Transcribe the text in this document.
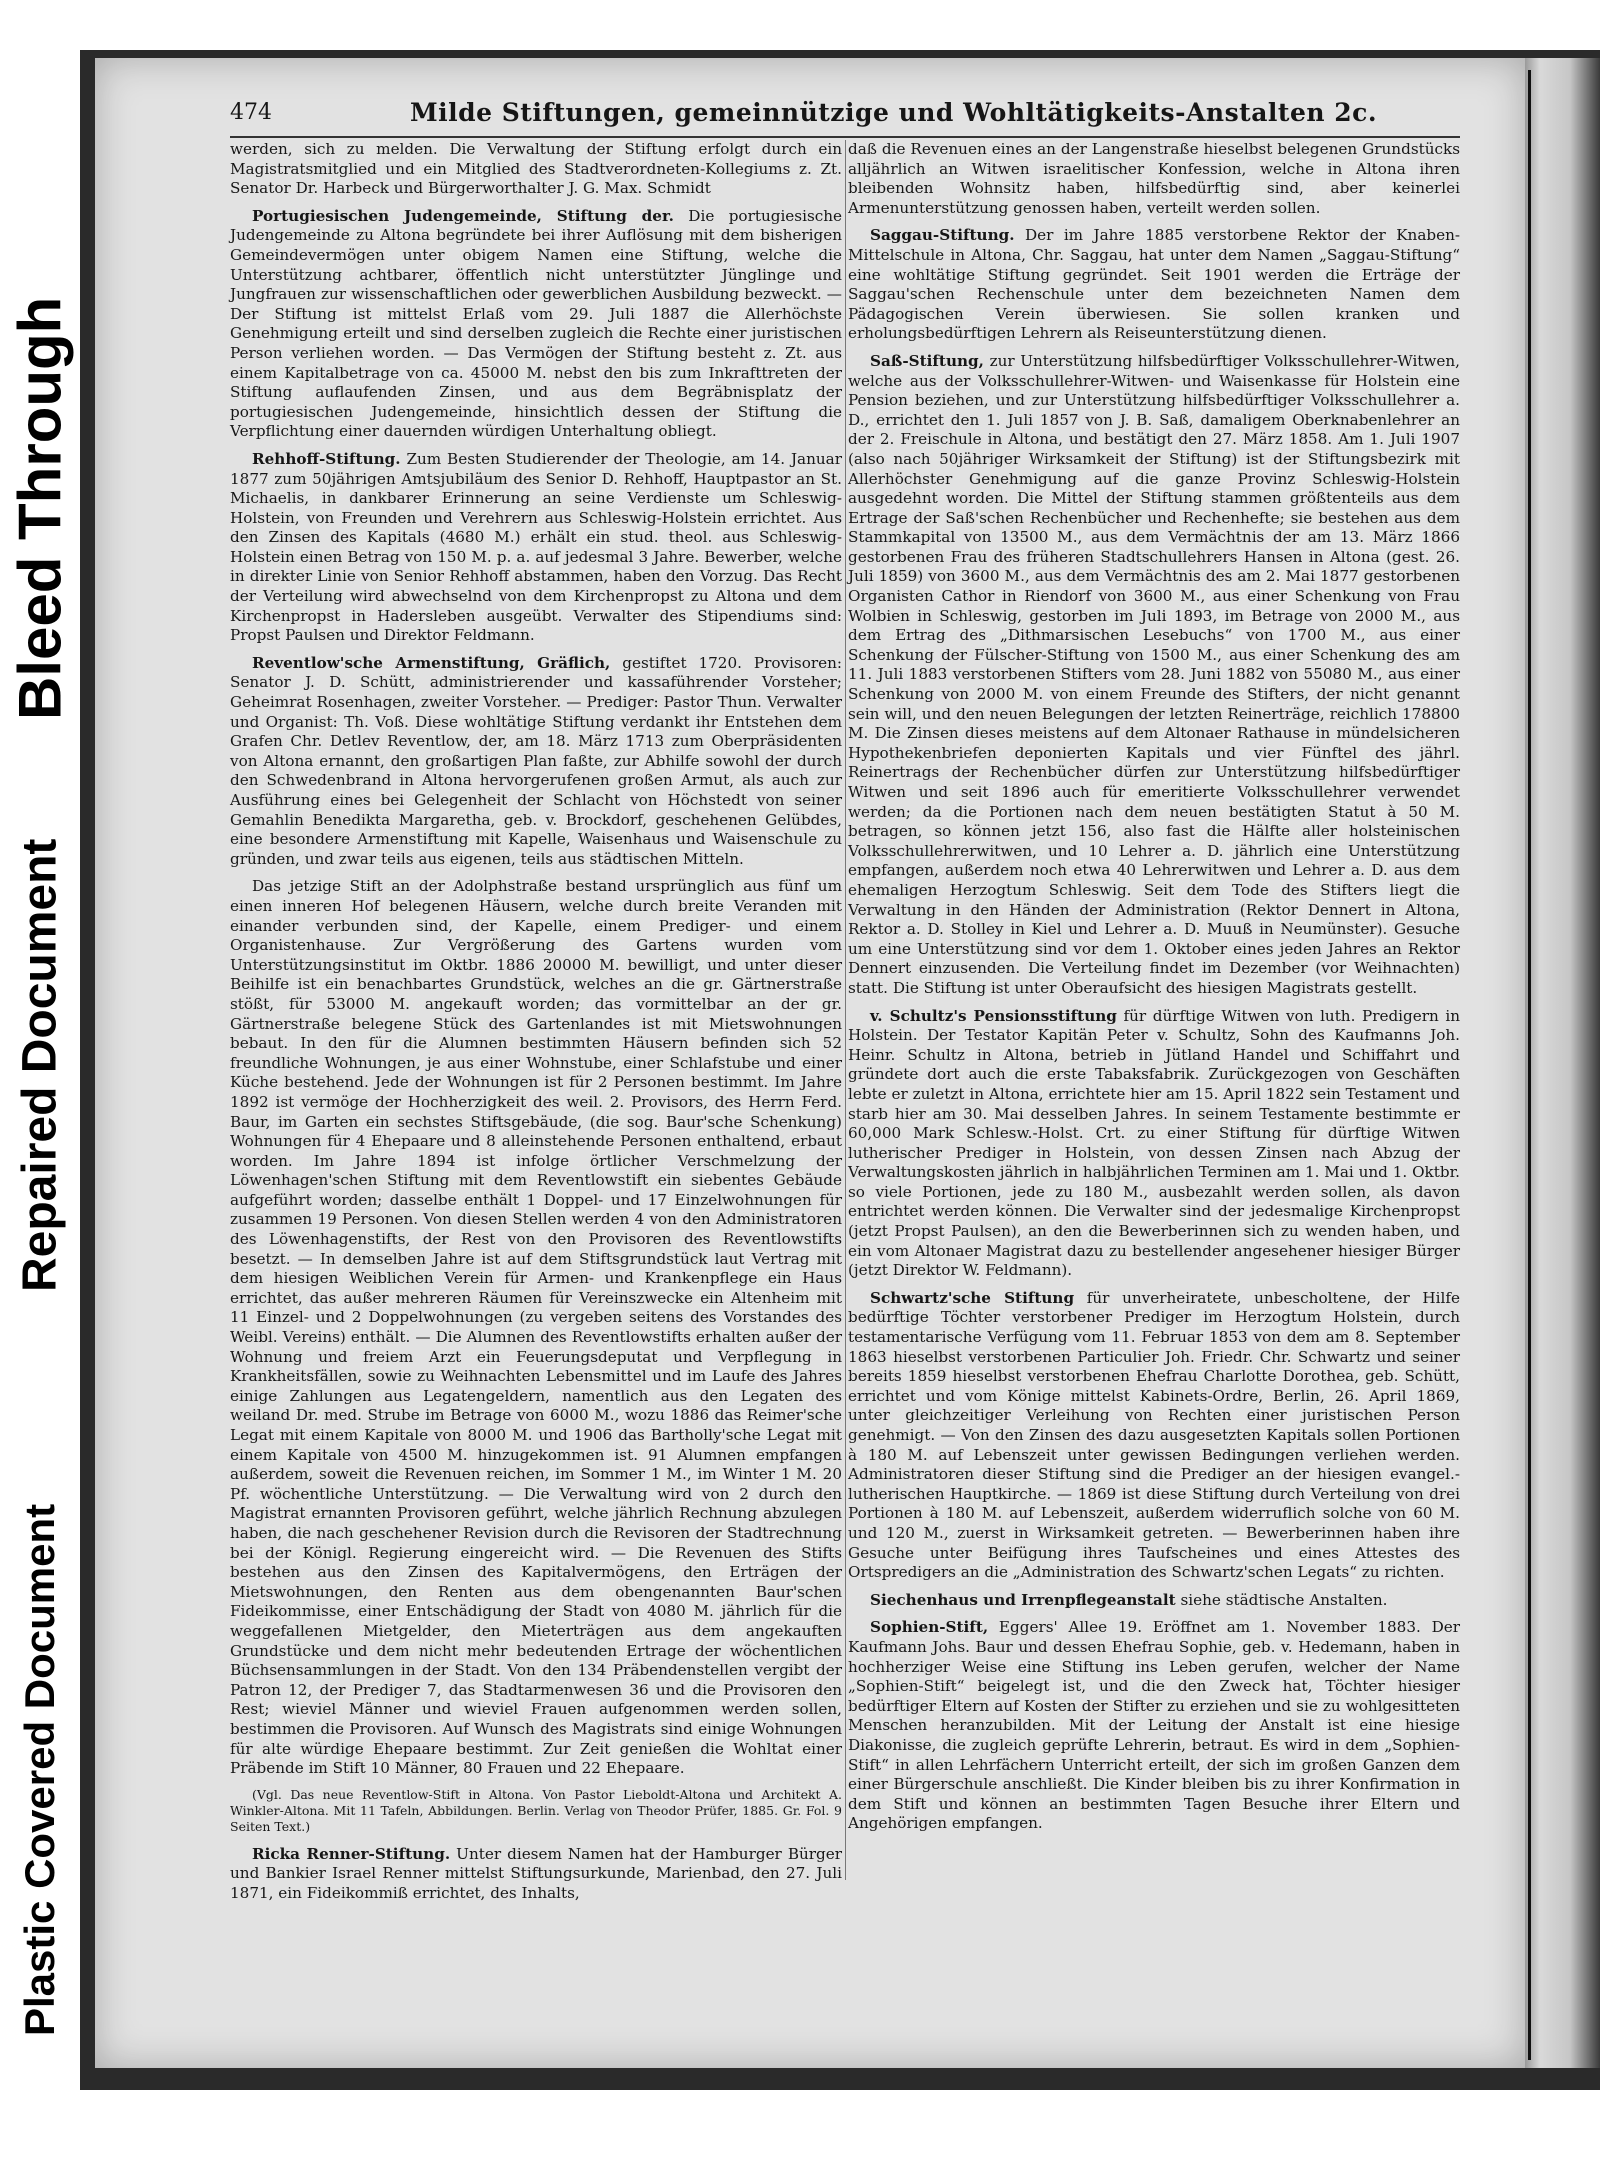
Bleed Through
Repaired Document
Plastic Covered Document
474	Milde Stiftungen, gemeinnützige und Wohltätigkeits-Anstalten 2c.

werden, sich zu melden. Die Verwaltung der Stiftung erfolgt durch ein Magistratsmitglied und ein Mitglied des Stadtverordneten-Kollegiums z. Zt. Senator Dr. Harbeck und Bürgerworthalter J. G. Max. Schmidt

Portugiesischen Judengemeinde, Stiftung der. Die portugiesische Judengemeinde zu Altona begründete bei ihrer Auflösung mit dem bisherigen Gemeindevermögen unter obigem Namen eine Stiftung, welche die Unterstützung achtbarer, öffentlich nicht unterstützter Jünglinge und Jungfrauen zur wissenschaftlichen oder gewerblichen Ausbildung bezweckt. — Der Stiftung ist mittelst Erlaß vom 29. Juli 1887 die Allerhöchste Genehmigung erteilt und sind derselben zugleich die Rechte einer juristischen Person verliehen worden. — Das Vermögen der Stiftung besteht z. Zt. aus einem Kapitalbetrage von ca. 45000 M. nebst den bis zum Inkrafttreten der Stiftung auflaufenden Zinsen, und aus dem Begräbnisplatz der portugiesischen Judengemeinde, hinsichtlich dessen der Stiftung die Verpflichtung einer dauernden würdigen Unterhaltung obliegt.

Rehhoff-Stiftung. Zum Besten Studierender der Theologie, am 14. Januar 1877 zum 50jährigen Amtsjubiläum des Senior D. Rehhoff, Hauptpastor an St. Michaelis, in dankbarer Erinnerung an seine Verdienste um Schleswig-Holstein, von Freunden und Verehrern aus Schleswig-Holstein errichtet. Aus den Zinsen des Kapitals (4680 M.) erhält ein stud. theol. aus Schleswig-Holstein einen Betrag von 150 M. p. a. auf jedesmal 3 Jahre. Bewerber, welche in direkter Linie von Senior Rehhoff abstammen, haben den Vorzug. Das Recht der Verteilung wird abwechselnd von dem Kirchenpropst zu Altona und dem Kirchenpropst in Hadersleben ausgeübt. Verwalter des Stipendiums sind: Propst Paulsen und Direktor Feldmann.

Reventlow'sche Armenstiftung, Gräflich, gestiftet 1720. Provisoren: Senator J. D. Schütt, administrierender und kassaführender Vorsteher; Geheimrat Rosenhagen, zweiter Vorsteher. — Prediger: Pastor Thun. Verwalter und Organist: Th. Voß. Diese wohltätige Stiftung verdankt ihr Entstehen dem Grafen Chr. Detlev Reventlow, der, am 18. März 1713 zum Oberpräsidenten von Altona ernannt, den großartigen Plan faßte, zur Abhilfe sowohl der durch den Schwedenbrand in Altona hervorgerufenen großen Armut, als auch zur Ausführung eines bei Gelegenheit der Schlacht von Höchstedt von seiner Gemahlin Benedikta Margaretha, geb. v. Brockdorf, geschehenen Gelübdes, eine besondere Armenstiftung mit Kapelle, Waisenhaus und Waisenschule zu gründen, und zwar teils aus eigenen, teils aus städtischen Mitteln.

Das jetzige Stift an der Adolphstraße bestand ursprünglich aus fünf um einen inneren Hof belegenen Häusern, welche durch breite Veranden mit einander verbunden sind, der Kapelle, einem Prediger- und einem Organistenhause. Zur Vergrößerung des Gartens wurden vom Unterstützungsinstitut im Oktbr. 1886 20000 M. bewilligt, und unter dieser Beihilfe ist ein benachbartes Grundstück, welches an die gr. Gärtnerstraße stößt, für 53000 M. angekauft worden; das vormittelbar an der gr. Gärtnerstraße belegene Stück des Gartenlandes ist mit Mietswohnungen bebaut. In den für die Alumnen bestimmten Häusern befinden sich 52 freundliche Wohnungen, je aus einer Wohnstube, einer Schlafstube und einer Küche bestehend. Jede der Wohnungen ist für 2 Personen bestimmt. Im Jahre 1892 ist vermöge der Hochherzigkeit des weil. 2. Provisors, des Herrn Ferd. Baur, im Garten ein sechstes Stiftsgebäude, (die sog. Baur'sche Schenkung) Wohnungen für 4 Ehepaare und 8 alleinstehende Personen enthaltend, erbaut worden. Im Jahre 1894 ist infolge örtlicher Verschmelzung der Löwenhagen'schen Stiftung mit dem Reventlowstift ein siebentes Gebäude aufgeführt worden; dasselbe enthält 1 Doppel- und 17 Einzelwohnungen für zusammen 19 Personen. Von diesen Stellen werden 4 von den Administratoren des Löwenhagenstifts, der Rest von den Provisoren des Reventlowstifts besetzt. — In demselben Jahre ist auf dem Stiftsgrundstück laut Vertrag mit dem hiesigen Weiblichen Verein für Armen- und Krankenpflege ein Haus errichtet, das außer mehreren Räumen für Vereinszwecke ein Altenheim mit 11 Einzel- und 2 Doppelwohnungen (zu vergeben seitens des Vorstandes des Weibl. Vereins) enthält. — Die Alumnen des Reventlowstifts erhalten außer der Wohnung und freiem Arzt ein Feuerungsdeputat und Verpflegung in Krankheitsfällen, sowie zu Weihnachten Lebensmittel und im Laufe des Jahres einige Zahlungen aus Legatengeldern, namentlich aus den Legaten des weiland Dr. med. Strube im Betrage von 6000 M., wozu 1886 das Reimer'sche Legat mit einem Kapitale von 8000 M. und 1906 das Bartholly'sche Legat mit einem Kapitale von 4500 M. hinzugekommen ist. 91 Alumnen empfangen außerdem, soweit die Revenuen reichen, im Sommer 1 M., im Winter 1 M. 20 Pf. wöchentliche Unterstützung. — Die Verwaltung wird von 2 durch den Magistrat ernannten Provisoren geführt, welche jährlich Rechnung abzulegen haben, die nach geschehener Revision durch die Revisoren der Stadtrechnung bei der Königl. Regierung eingereicht wird. — Die Revenuen des Stifts bestehen aus den Zinsen des Kapitalvermögens, den Erträgen der Mietswohnungen, den Renten aus dem obengenannten Baur'schen Fideikommisse, einer Entschädigung der Stadt von 4080 M. jährlich für die weggefallenen Mietgelder, den Mieterträgen aus dem angekauften Grundstücke und dem nicht mehr bedeutenden Ertrage der wöchentlichen Büchsensammlungen in der Stadt. Von den 134 Präbendenstellen vergibt der Patron 12, der Prediger 7, das Stadtarmenwesen 36 und die Provisoren den Rest; wieviel Männer und wieviel Frauen aufgenommen werden sollen, bestimmen die Provisoren. Auf Wunsch des Magistrats sind einige Wohnungen für alte würdige Ehepaare bestimmt. Zur Zeit genießen die Wohltat einer Präbende im Stift 10 Männer, 80 Frauen und 22 Ehepaare.

(Vgl. Das neue Reventlow-Stift in Altona. Von Pastor Lieboldt-Altona und Architekt A. Winkler-Altona. Mit 11 Tafeln, Abbildungen. Berlin. Verlag von Theodor Prüfer, 1885. Gr. Fol. 9 Seiten Text.)

Ricka Renner-Stiftung. Unter diesem Namen hat der Hamburger Bürger und Bankier Israel Renner mittelst Stiftungsurkunde, Marienbad, den 27. Juli 1871, ein Fideikommiß errichtet, des Inhalts,

daß die Revenuen eines an der Langenstraße hieselbst belegenen Grundstücks alljährlich an Witwen israelitischer Konfession, welche in Altona ihren bleibenden Wohnsitz haben, hilfsbedürftig sind, aber keinerlei Armenunterstützung genossen haben, verteilt werden sollen.

Saggau-Stiftung. Der im Jahre 1885 verstorbene Rektor der Knaben-Mittelschule in Altona, Chr. Saggau, hat unter dem Namen „Saggau-Stiftung“ eine wohltätige Stiftung gegründet. Seit 1901 werden die Erträge der Saggau'schen Rechenschule unter dem bezeichneten Namen dem Pädagogischen Verein überwiesen. Sie sollen kranken und erholungsbedürftigen Lehrern als Reiseunterstützung dienen.

Saß-Stiftung, zur Unterstützung hilfsbedürftiger Volksschullehrer-Witwen, welche aus der Volksschullehrer-Witwen- und Waisenkasse für Holstein eine Pension beziehen, und zur Unterstützung hilfsbedürftiger Volksschullehrer a. D., errichtet den 1. Juli 1857 von J. B. Saß, damaligem Oberknabenlehrer an der 2. Freischule in Altona, und bestätigt den 27. März 1858. Am 1. Juli 1907 (also nach 50jähriger Wirksamkeit der Stiftung) ist der Stiftungsbezirk mit Allerhöchster Genehmigung auf die ganze Provinz Schleswig-Holstein ausgedehnt worden. Die Mittel der Stiftung stammen größtenteils aus dem Ertrage der Saß'schen Rechenbücher und Rechenhefte; sie bestehen aus dem Stammkapital von 13500 M., aus dem Vermächtnis der am 13. März 1866 gestorbenen Frau des früheren Stadtschullehrers Hansen in Altona (gest. 26. Juli 1859) von 3600 M., aus dem Vermächtnis des am 2. Mai 1877 gestorbenen Organisten Cathor in Riendorf von 3600 M., aus einer Schenkung von Frau Wolbien in Schleswig, gestorben im Juli 1893, im Betrage von 2000 M., aus dem Ertrag des „Dithmarsischen Lesebuchs“ von 1700 M., aus einer Schenkung der Fülscher-Stiftung von 1500 M., aus einer Schenkung des am 11. Juli 1883 verstorbenen Stifters vom 28. Juni 1882 von 55080 M., aus einer Schenkung von 2000 M. von einem Freunde des Stifters, der nicht genannt sein will, und den neuen Belegungen der letzten Reinerträge, reichlich 178800 M. Die Zinsen dieses meistens auf dem Altonaer Rathause in mündelsicheren Hypothekenbriefen deponierten Kapitals und vier Fünftel des jährl. Reinertrags der Rechenbücher dürfen zur Unterstützung hilfsbedürftiger Witwen und seit 1896 auch für emeritierte Volksschullehrer verwendet werden; da die Portionen nach dem neuen bestätigten Statut à 50 M. betragen, so können jetzt 156, also fast die Hälfte aller holsteinischen Volksschullehrerwitwen, und 10 Lehrer a. D. jährlich eine Unterstützung empfangen, außerdem noch etwa 40 Lehrerwitwen und Lehrer a. D. aus dem ehemaligen Herzogtum Schleswig. Seit dem Tode des Stifters liegt die Verwaltung in den Händen der Administration (Rektor Dennert in Altona, Rektor a. D. Stolley in Kiel und Lehrer a. D. Muuß in Neumünster). Gesuche um eine Unterstützung sind vor dem 1. Oktober eines jeden Jahres an Rektor Dennert einzusenden. Die Verteilung findet im Dezember (vor Weihnachten) statt. Die Stiftung ist unter Oberaufsicht des hiesigen Magistrats gestellt.

v. Schultz's Pensionsstiftung für dürftige Witwen von luth. Predigern in Holstein. Der Testator Kapitän Peter v. Schultz, Sohn des Kaufmanns Joh. Heinr. Schultz in Altona, betrieb in Jütland Handel und Schiffahrt und gründete dort auch die erste Tabaksfabrik. Zurückgezogen von Geschäften lebte er zuletzt in Altona, errichtete hier am 15. April 1822 sein Testament und starb hier am 30. Mai desselben Jahres. In seinem Testamente bestimmte er 60,000 Mark Schlesw.-Holst. Crt. zu einer Stiftung für dürftige Witwen lutherischer Prediger in Holstein, von dessen Zinsen nach Abzug der Verwaltungskosten jährlich in halbjährlichen Terminen am 1. Mai und 1. Oktbr. so viele Portionen, jede zu 180 M., ausbezahlt werden sollen, als davon entrichtet werden können. Die Verwalter sind der jedesmalige Kirchenpropst (jetzt Propst Paulsen), an den die Bewerberinnen sich zu wenden haben, und ein vom Altonaer Magistrat dazu zu bestellender angesehener hiesiger Bürger (jetzt Direktor W. Feldmann).

Schwartz'sche Stiftung für unverheiratete, unbescholtene, der Hilfe bedürftige Töchter verstorbener Prediger im Herzogtum Holstein, durch testamentarische Verfügung vom 11. Februar 1853 von dem am 8. September 1863 hieselbst verstorbenen Particulier Joh. Friedr. Chr. Schwartz und seiner bereits 1859 hieselbst verstorbenen Ehefrau Charlotte Dorothea, geb. Schütt, errichtet und vom Könige mittelst Kabinets-Ordre, Berlin, 26. April 1869, unter gleichzeitiger Verleihung von Rechten einer juristischen Person genehmigt. — Von den Zinsen des dazu ausgesetzten Kapitals sollen Portionen à 180 M. auf Lebenszeit unter gewissen Bedingungen verliehen werden. Administratoren dieser Stiftung sind die Prediger an der hiesigen evangel.-lutherischen Hauptkirche. — 1869 ist diese Stiftung durch Verteilung von drei Portionen à 180 M. auf Lebenszeit, außerdem widerruflich solche von 60 M. und 120 M., zuerst in Wirksamkeit getreten. — Bewerberinnen haben ihre Gesuche unter Beifügung ihres Taufscheines und eines Attestes des Ortspredigers an die „Administration des Schwartz'schen Legats“ zu richten.

Siechenhaus und Irrenpflegeanstalt siehe städtische Anstalten.

Sophien-Stift, Eggers' Allee 19. Eröffnet am 1. November 1883. Der Kaufmann Johs. Baur und dessen Ehefrau Sophie, geb. v. Hedemann, haben in hochherziger Weise eine Stiftung ins Leben gerufen, welcher der Name „Sophien-Stift“ beigelegt ist, und die den Zweck hat, Töchter hiesiger bedürftiger Eltern auf Kosten der Stifter zu erziehen und sie zu wohlgesitteten Menschen heranzubilden. Mit der Leitung der Anstalt ist eine hiesige Diakonisse, die zugleich geprüfte Lehrerin, betraut. Es wird in dem „Sophien-Stift“ in allen Lehrfächern Unterricht erteilt, der sich im großen Ganzen dem einer Bürgerschule anschließt. Die Kinder bleiben bis zu ihrer Konfirmation in dem Stift und können an bestimmten Tagen Besuche ihrer Eltern und Angehörigen empfangen.
